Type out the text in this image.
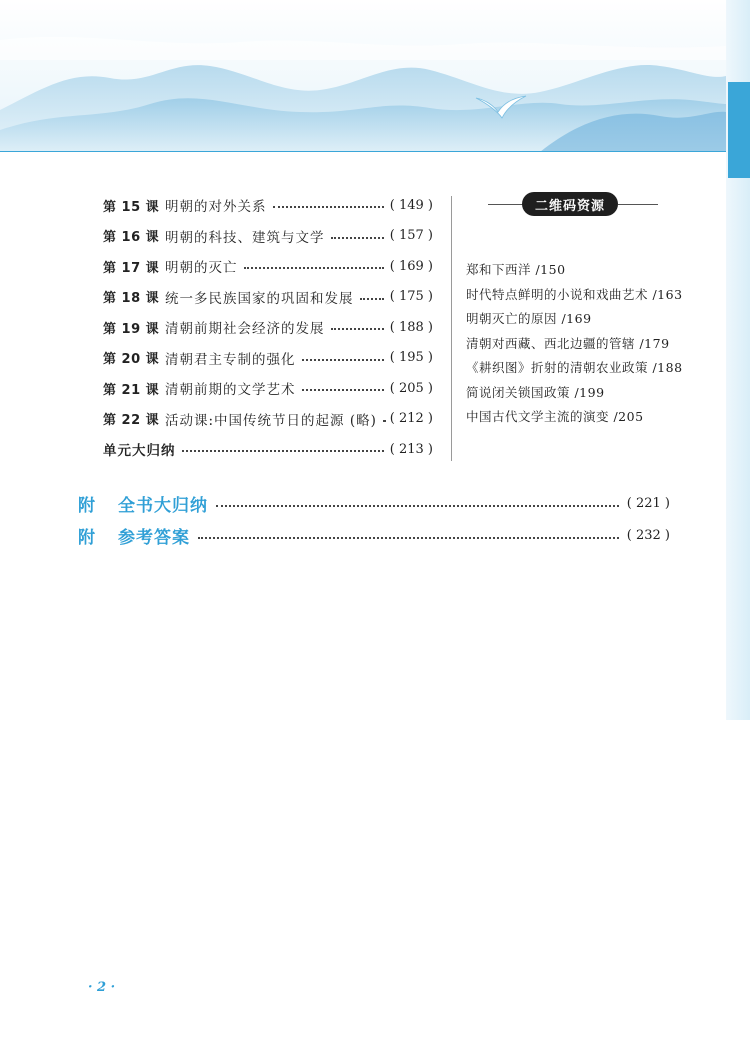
第 15 课 明朝的对外关系	( 149 )
第 16 课 明朝的科技、建筑与文学	( 157 )
第 17 课 明朝的灭亡	( 169 )
第 18 课 统一多民族国家的巩固和发展	( 175 )
第 19 课 清朝前期社会经济的发展	( 188 )
第 20 课 清朝君主专制的强化	( 195 )
第 21 课 清朝前期的文学艺术	( 205 )
第 22 课 活动课:中国传统节日的起源 (略) ( 212 )
单元大归纳	( 213 )
二维码资源
郑和下西洋 /150
时代特点鲜明的小说和戏曲艺术 /163
明朝灭亡的原因 /169
清朝对西藏、西北边疆的管辖 /179
《耕织图》折射的清朝农业政策 /188
简说闭关锁国政策 /199
中国古代文学主流的演变 /205
附	全书大归纳	( 221 )
附	参考答案	( 232 )
· 2 ·
